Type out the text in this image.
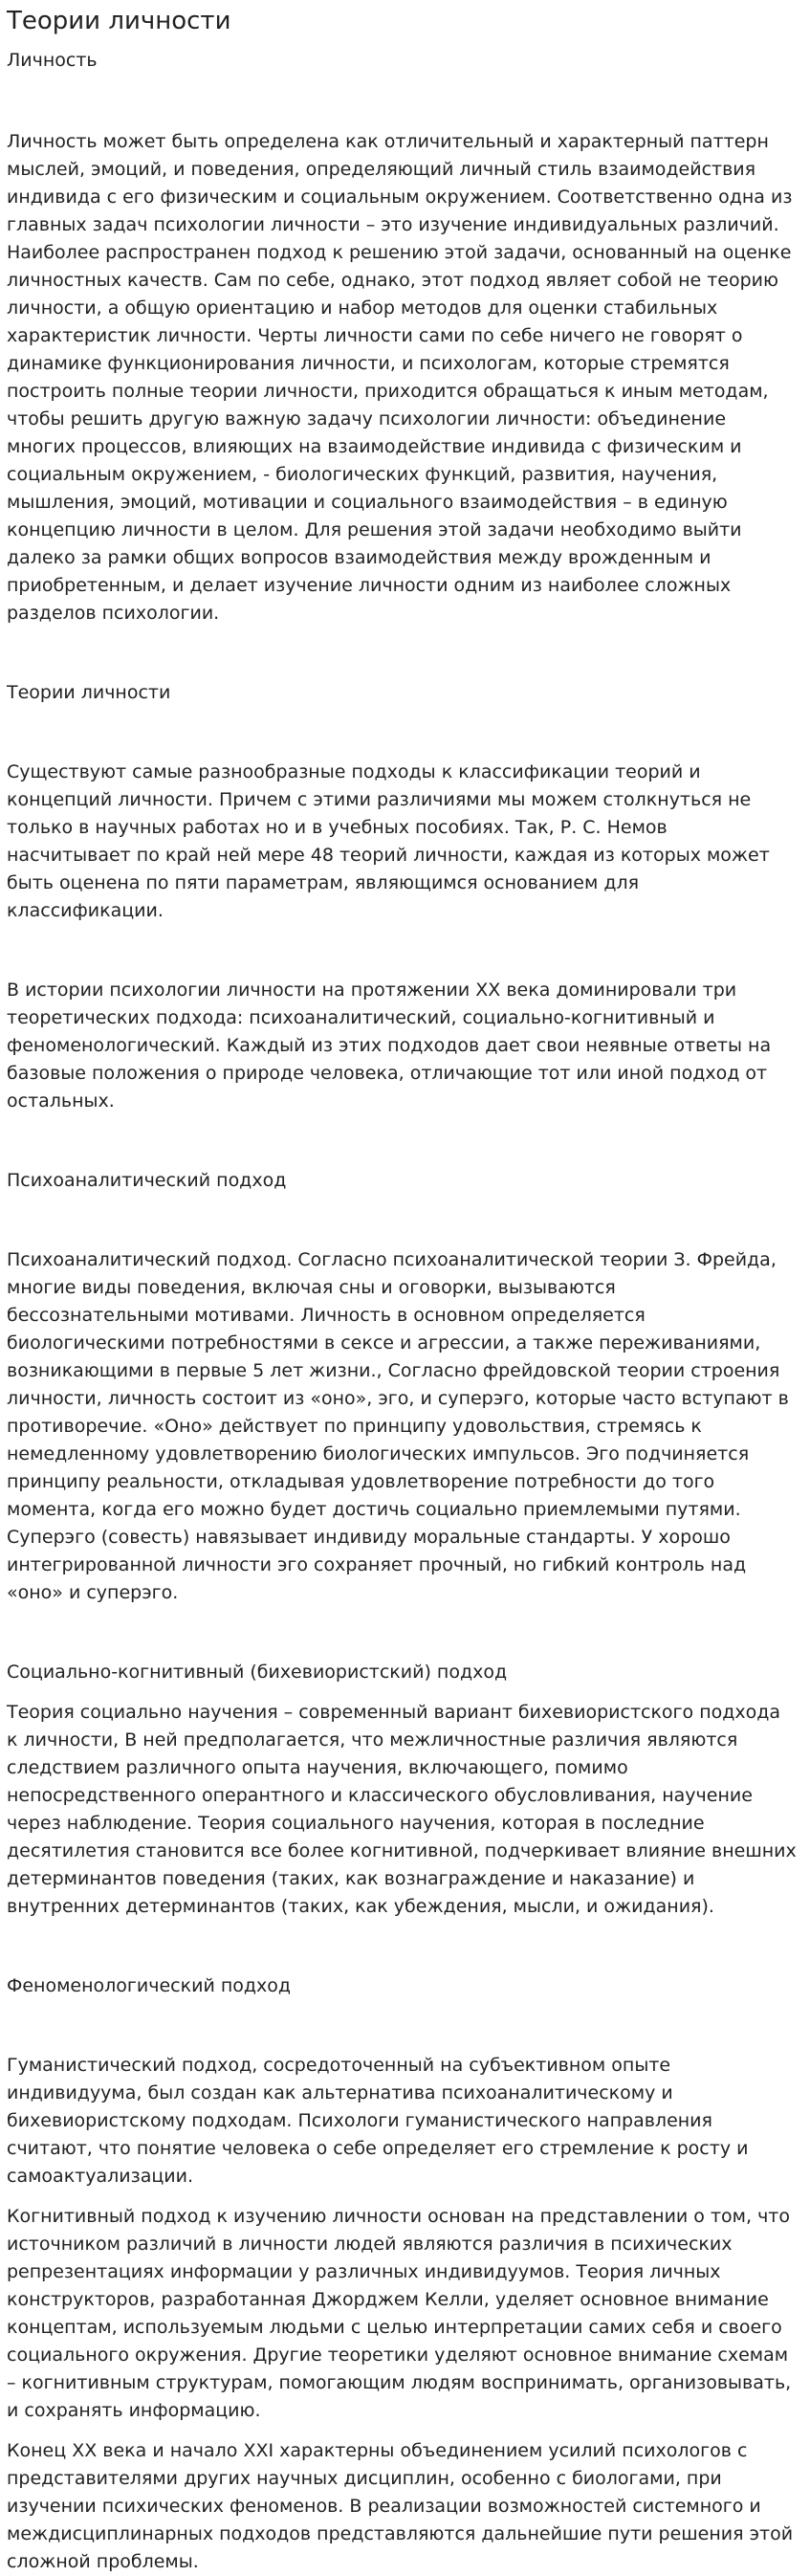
Теории личности
Личность

Личность может быть определена как отличительный и характерный паттерн мыслей, эмоций, и поведения, определяющий личный стиль взаимодействия индивида с его физическим и социальным окружением. Соответственно одна из главных задач психологии личности – это изучение индивидуальных различий. Наиболее распространен подход к решению этой задачи, основанный на оценке личностных качеств. Сам по себе, однако, этот подход являет собой не теорию личности, а общую ориентацию и набор методов для оценки стабильных характеристик личности. Черты личности сами по себе ничего не говорят о динамике функционирования личности, и психологам, которые стремятся построить полные теории личности, приходится обращаться к иным методам, чтобы решить другую важную задачу психологии личности: объединение многих процессов, влияющих на взаимодействие индивида с физическим и социальным окружением, - биологических функций, развития, научения, мышления, эмоций, мотивации и социального взаимодействия – в единую концепцию личности в целом. Для решения этой задачи необходимо выйти далеко за рамки общих вопросов взаимодействия между врожденным и приобретенным, и делает изучение личности одним из наиболее сложных разделов психологии.

Теории личности

Существуют самые разнообразные подходы к классификации теорий и концепций личности. Причем с этими различиями мы можем столкнуться не только в научных работах но и в учебных пособиях. Так, Р. С. Немов насчитывает по край ней мере 48 теорий личности, каждая из которых может быть оценена по пяти параметрам, являющимся основанием для классификации.

В истории психологии личности на протяжении XX века доминировали три теоретических подхода: психоаналитический, социально-когнитивный и феноменологический. Каждый из этих подходов дает свои неявные ответы на базовые положения о природе человека, отличающие тот или иной подход от остальных.

Психоаналитический подход

Психоаналитический подход. Согласно психоаналитической теории З. Фрейда, многие виды поведения, включая сны и оговорки, вызываются бессознательными мотивами. Личность в основном определяется биологическими потребностями в сексе и агрессии, а также переживаниями, возникающими в первые 5 лет жизни., Согласно фрейдовской теории строения личности, личность состоит из «оно», эго, и суперэго, которые часто вступают в противоречие. «Оно» действует по принципу удовольствия, стремясь к немедленному удовлетворению биологических импульсов. Эго подчиняется принципу реальности, откладывая удовлетворение потребности до того момента, когда его можно будет достичь социально приемлемыми путями. Суперэго (совесть) навязывает индивиду моральные стандарты. У хорошо интегрированной личности эго сохраняет прочный, но гибкий контроль над «оно» и суперэго.

Социально-когнитивный (бихевиористский) подход

Теория социально научения – современный вариант бихевиористского подхода к личности, В ней предполагается, что межличностные различия являются следствием различного опыта научения, включающего, помимо непосредственного оперантного и классического обусловливания, научение через наблюдение. Теория социального научения, которая в последние десятилетия становится все более когнитивной, подчеркивает влияние внешних детерминантов поведения (таких, как вознаграждение и наказание) и внутренних детерминантов (таких, как убеждения, мысли, и ожидания).

Феноменологический подход

Гуманистический подход, сосредоточенный на субъективном опыте индивидуума, был создан как альтернатива психоаналитическому и бихевиористскому подходам. Психологи гуманистического направления считают, что понятие человека о себе определяет его стремление к росту и самоактуализации.

Когнитивный подход к изучению личности основан на представлении о том, что источником различий в личности людей являются различия в психических репрезентациях информации у различных индивидуумов. Теория личных конструкторов, разработанная Джорджем Келли, уделяет основное внимание концептам, используемым людьми с целью интерпретации самих себя и своего социального окружения. Другие теоретики уделяют основное внимание схемам – когнитивным структурам, помогающим людям воспринимать, организовывать, и сохранять информацию.

Конец XX века и начало XXI характерны объединением усилий психологов с представителями других научных дисциплин, особенно с биологами, при изучении психических феноменов. В реализации возможностей системного и междисциплинарных подходов представляются дальнейшие пути решения этой сложной проблемы.
